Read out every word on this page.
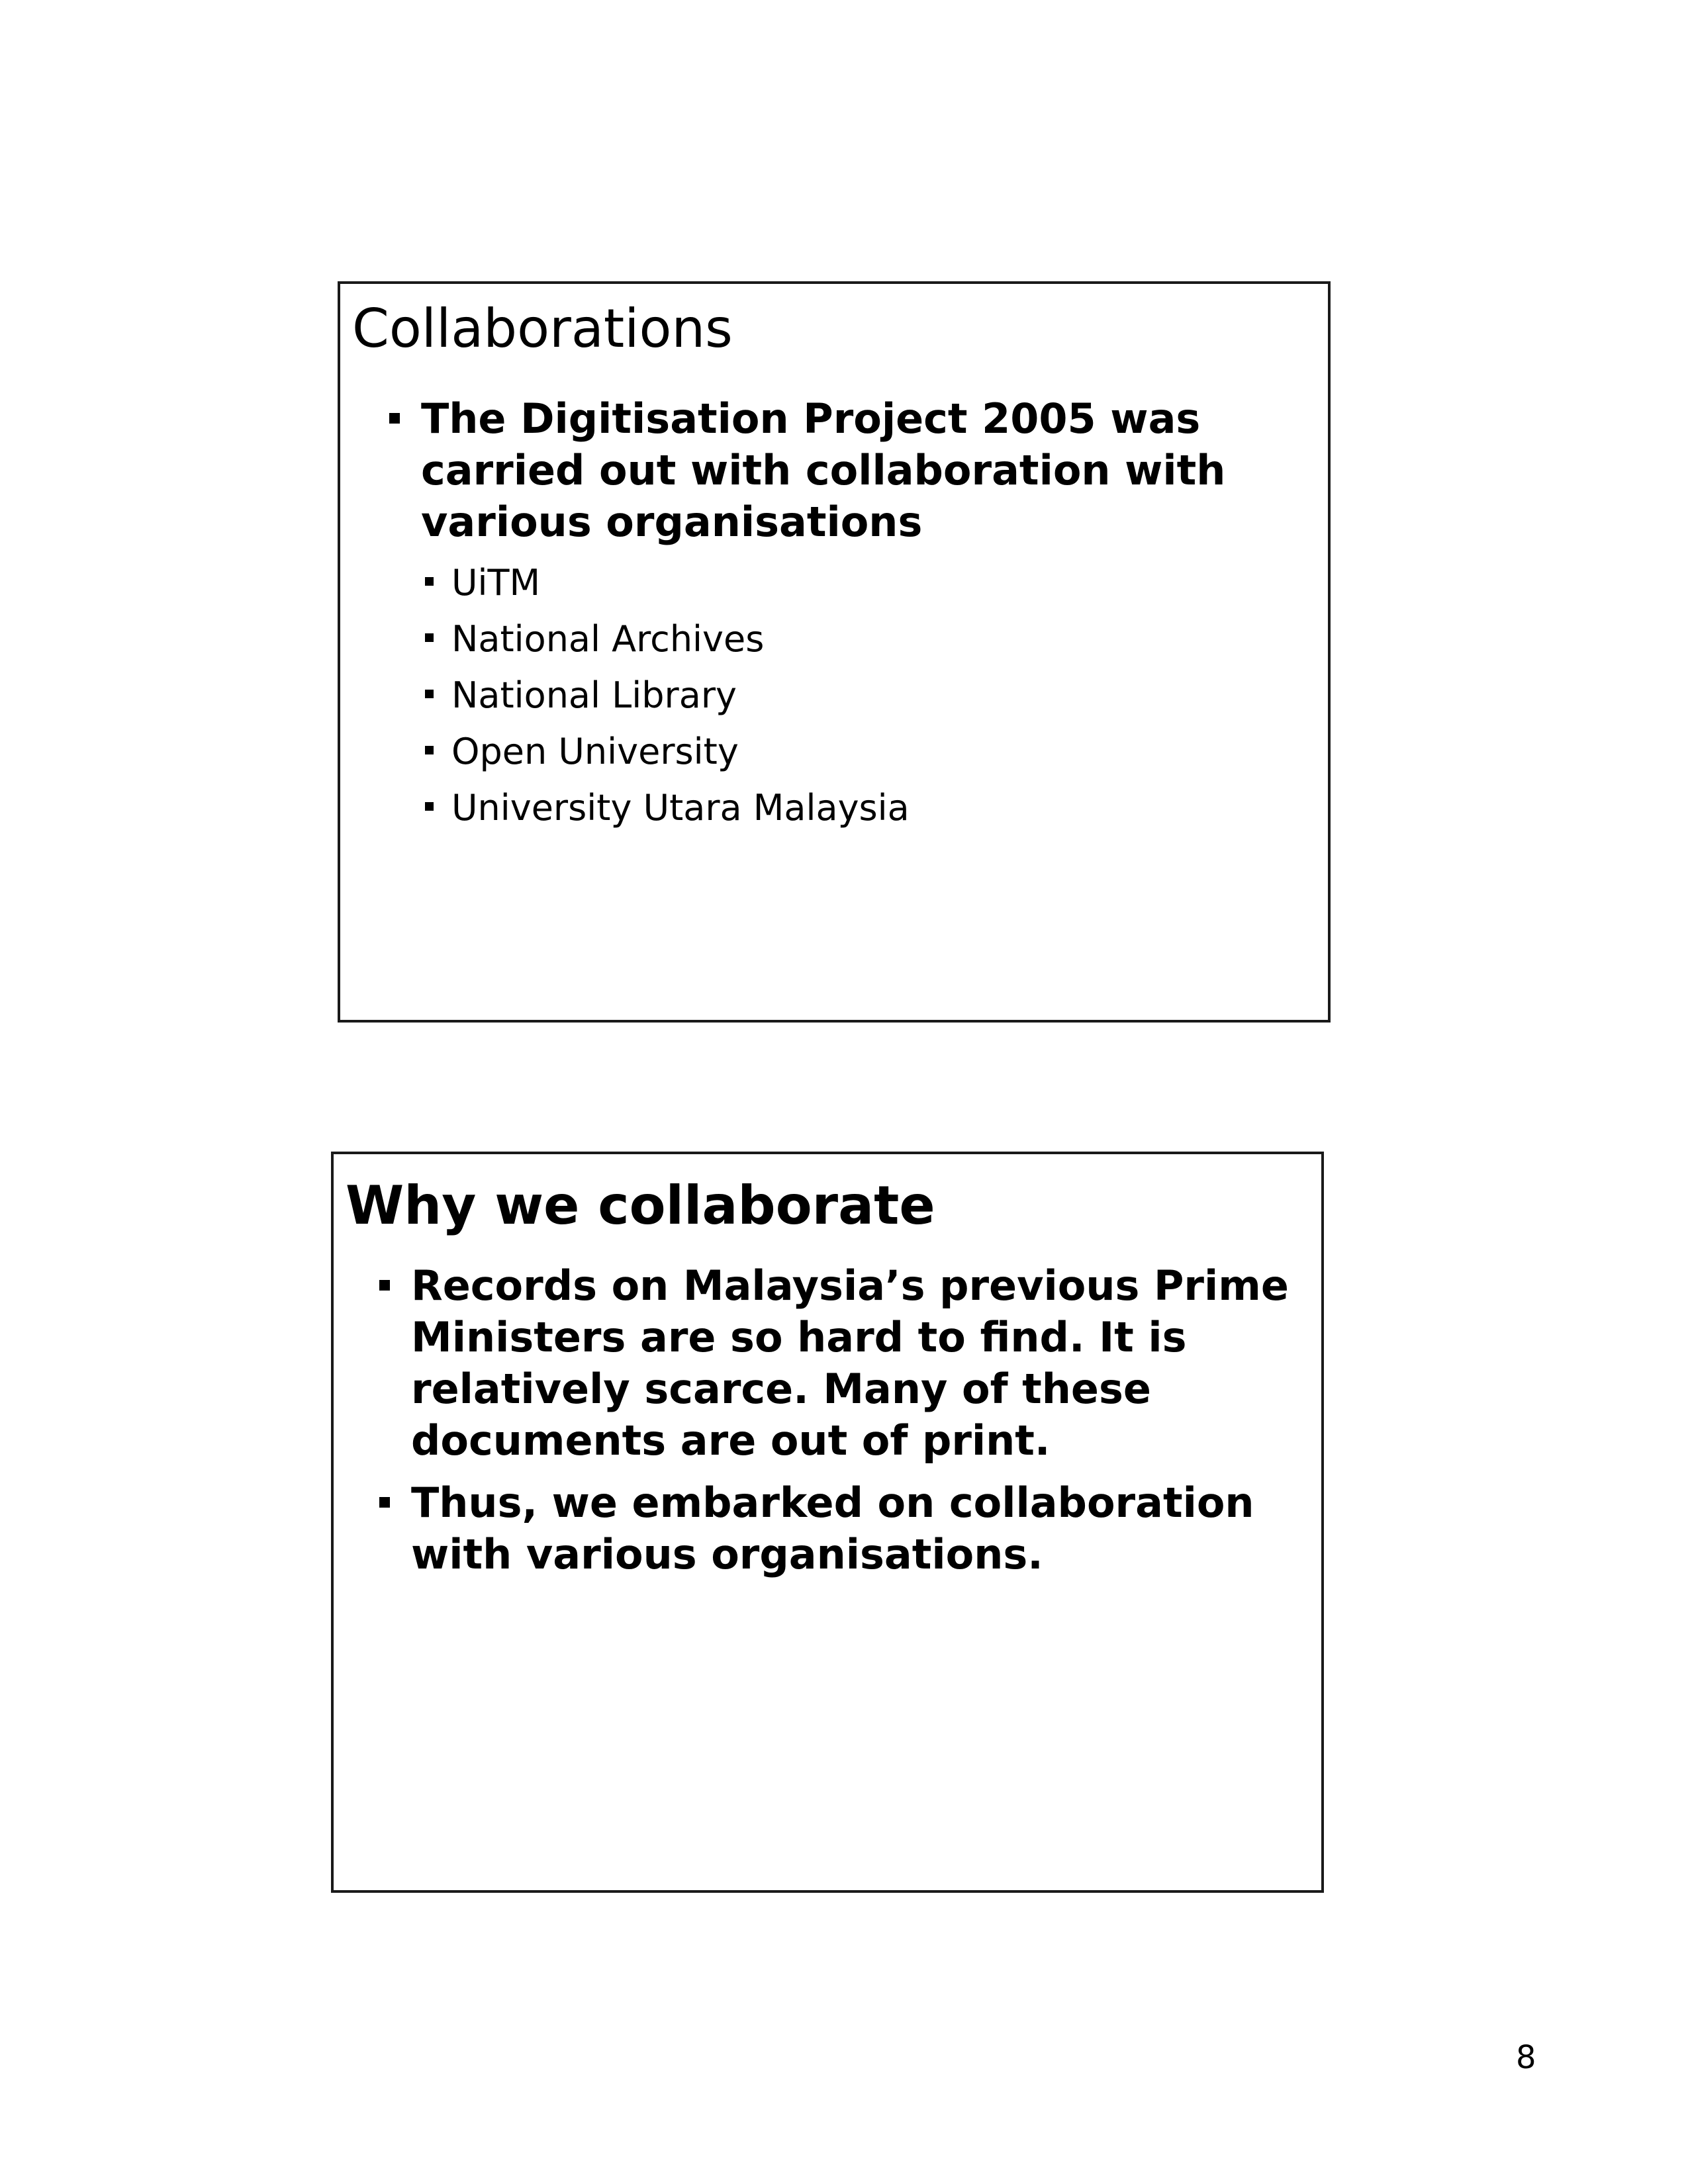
Collaborations
The Digitisation Project 2005 was carried out with collaboration with various organisations
UiTM
National Archives
National Library
Open University
University Utara Malaysia
Why we collaborate
Records on Malaysia’s previous Prime Ministers are so hard to find. It is relatively scarce. Many of these documents are out of print.
Thus, we embarked on collaboration with various organisations.
8
